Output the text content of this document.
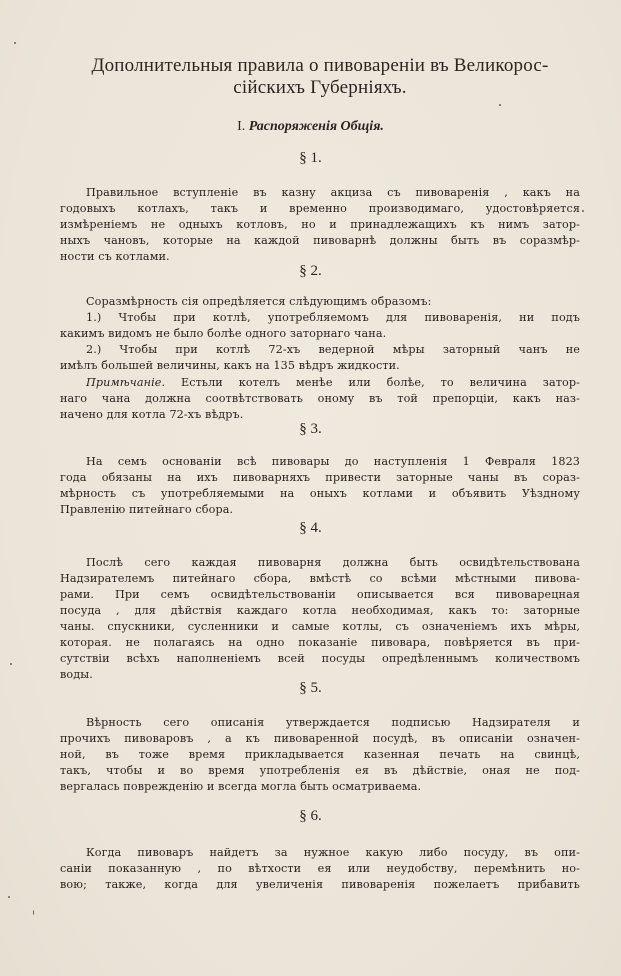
Дополнительныя правила о пивовареніи въ Великорос-
сійскихъ Губерніяхъ.
I. Распоряженія Общія.
§ 1.
Правильное вступленіе въ казну акциза съ пивоваренія , какъ на
годовыхъ котлахъ, такъ и временно производимаго, удостовѣряется
измѣреніемъ не одныхъ котловъ, но и принадлежащихъ къ нимъ затор-
ныхъ чановъ, которые на каждой пивоварнѣ должны быть въ соразмѣр-
ности съ котлами.
§ 2.
Соразмѣрность сія опредѣляется слѣдующимъ образомъ:
1.) Чтобы при котлѣ, употребляемомъ для пивоваренія, ни подъ
какимъ видомъ не было болѣе одного заторнаго чана.
2.) Чтобы при котлѣ 72-хъ ведерной мѣры заторный чанъ не
имѣлъ большей величины, какъ на 135 вѣдръ жидкости.
Примѣчаніе. Естьли котелъ менѣе или болѣе, то величина затор-
наго чана должна соотвѣтствовать оному въ той препорціи, какъ наз-
начено для котла 72-хъ вѣдръ.
§ 3.
На семъ основаніи всѣ пивовары до наступленія 1 Февраля 1823
года обязаны на ихъ пивоварняхъ привести заторные чаны въ сораз-
мѣрность съ употребляемыми на оныхъ котлами и объявить Уѣздному
Правленію питейнаго сбора.
§ 4.
Послѣ сего каждая пивоварня должна быть освидѣтельствована
Надзирателемъ питейнаго сбора, вмѣстѣ со всѣми мѣстными пивова-
рами. При семъ освидѣтельствованіи описывается вся пивоварецная
посуда , для дѣйствія каждаго котла необходимая, какъ то: заторные
чаны. спускники, сусленники и самые котлы, съ означеніемъ ихъ мѣры,
которая. не полагаясь на одно показаніе пивовара, повѣряется въ при-
сутствіи всѣхъ наполненіемъ всей посуды опредѣленнымъ количествомъ
воды.
§ 5.
Вѣрность сего описанія утверждается подписью Надзирателя и
прочихъ пивоваровъ , а къ пивоваренной посудѣ, въ описаніи означен-
ной, въ тоже время прикладывается казенная печать на свинцѣ,
такъ, чтобы и во время употребленія ея въ дѣйствіе, оная не под-
вергалась поврежденію и всегда могла быть осматриваема.
§ 6.
Когда пивоваръ найдетъ за нужное какую либо посуду, въ опи-
саніи показанную , по вѣтхости ея или неудобству, перемѣнить но-
вою; также, когда для увеличенія пивоваренія пожелаетъ прибавить
